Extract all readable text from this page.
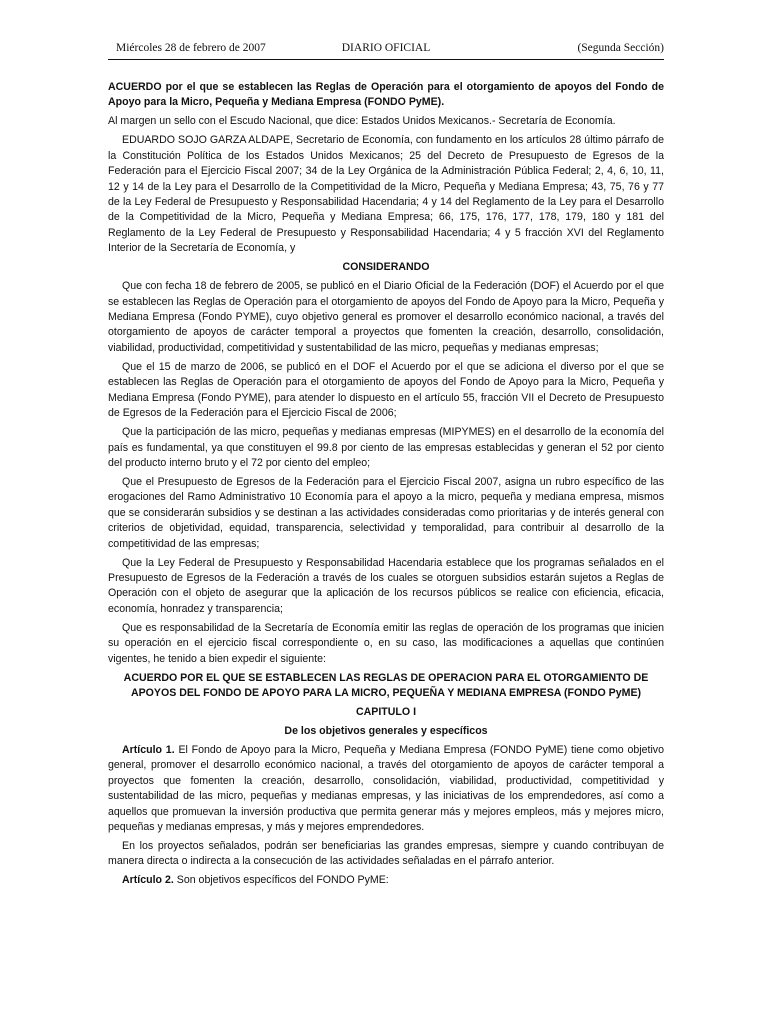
Miércoles 28 de febrero de 2007	DIARIO OFICIAL	(Segunda Sección)

ACUERDO por el que se establecen las Reglas de Operación para el otorgamiento de apoyos del Fondo de Apoyo para la Micro, Pequeña y Mediana Empresa (FONDO PyME).

Al margen un sello con el Escudo Nacional, que dice: Estados Unidos Mexicanos.- Secretaría de Economía.

EDUARDO SOJO GARZA ALDAPE, Secretario de Economía, con fundamento en los artículos 28 último párrafo de la Constitución Política de los Estados Unidos Mexicanos; 25 del Decreto de Presupuesto de Egresos de la Federación para el Ejercicio Fiscal 2007; 34 de la Ley Orgánica de la Administración Pública Federal; 2, 4, 6, 10, 11, 12 y 14 de la Ley para el Desarrollo de la Competitividad de la Micro, Pequeña y Mediana Empresa; 43, 75, 76 y 77 de la Ley Federal de Presupuesto y Responsabilidad Hacendaria; 4 y 14 del Reglamento de la Ley para el Desarrollo de la Competitividad de la Micro, Pequeña y Mediana Empresa; 66, 175, 176, 177, 178, 179, 180 y 181 del Reglamento de la Ley Federal de Presupuesto y Responsabilidad Hacendaria; 4 y 5 fracción XVI del Reglamento Interior de la Secretaría de Economía, y

CONSIDERANDO

Que con fecha 18 de febrero de 2005, se publicó en el Diario Oficial de la Federación (DOF) el Acuerdo por el que se establecen las Reglas de Operación para el otorgamiento de apoyos del Fondo de Apoyo para la Micro, Pequeña y Mediana Empresa (Fondo PYME), cuyo objetivo general es promover el desarrollo económico nacional, a través del otorgamiento de apoyos de carácter temporal a proyectos que fomenten la creación, desarrollo, consolidación, viabilidad, productividad, competitividad y sustentabilidad de las micro, pequeñas y medianas empresas;

Que el 15 de marzo de 2006, se publicó en el DOF el Acuerdo por el que se adiciona el diverso por el que se establecen las Reglas de Operación para el otorgamiento de apoyos del Fondo de Apoyo para la Micro, Pequeña y Mediana Empresa (Fondo PYME), para atender lo dispuesto en el artículo 55, fracción VII el Decreto de Presupuesto de Egresos de la Federación para el Ejercicio Fiscal de 2006;

Que la participación de las micro, pequeñas y medianas empresas (MIPYMES) en el desarrollo de la economía del país es fundamental, ya que constituyen el 99.8 por ciento de las empresas establecidas y generan el 52 por ciento del producto interno bruto y el 72 por ciento del empleo;

Que el Presupuesto de Egresos de la Federación para el Ejercicio Fiscal 2007, asigna un rubro específico de las erogaciones del Ramo Administrativo 10 Economía para el apoyo a la micro, pequeña y mediana empresa, mismos que se considerarán subsidios y se destinan a las actividades consideradas como prioritarias y de interés general con criterios de objetividad, equidad, transparencia, selectividad y temporalidad, para contribuir al desarrollo de la competitividad de las empresas;

Que la Ley Federal de Presupuesto y Responsabilidad Hacendaria establece que los programas señalados en el Presupuesto de Egresos de la Federación a través de los cuales se otorguen subsidios estarán sujetos a Reglas de Operación con el objeto de asegurar que la aplicación de los recursos públicos se realice con eficiencia, eficacia, economía, honradez y transparencia;

Que es responsabilidad de la Secretaría de Economía emitir las reglas de operación de los programas que inicien su operación en el ejercicio fiscal correspondiente o, en su caso, las modificaciones a aquellas que continúen vigentes, he tenido a bien expedir el siguiente:

ACUERDO POR EL QUE SE ESTABLECEN LAS REGLAS DE OPERACION PARA EL OTORGAMIENTO DE APOYOS DEL FONDO DE APOYO PARA LA MICRO, PEQUEÑA Y MEDIANA EMPRESA (FONDO PyME)

CAPITULO I

De los objetivos generales y específicos

Artículo 1. El Fondo de Apoyo para la Micro, Pequeña y Mediana Empresa (FONDO PyME) tiene como objetivo general, promover el desarrollo económico nacional, a través del otorgamiento de apoyos de carácter temporal a proyectos que fomenten la creación, desarrollo, consolidación, viabilidad, productividad, competitividad y sustentabilidad de las micro, pequeñas y medianas empresas, y las iniciativas de los emprendedores, así como a aquellos que promuevan la inversión productiva que permita generar más y mejores empleos, más y mejores micro, pequeñas y medianas empresas, y más y mejores emprendedores.

En los proyectos señalados, podrán ser beneficiarias las grandes empresas, siempre y cuando contribuyan de manera directa o indirecta a la consecución de las actividades señaladas en el párrafo anterior.

Artículo 2. Son objetivos específicos del FONDO PyME:
